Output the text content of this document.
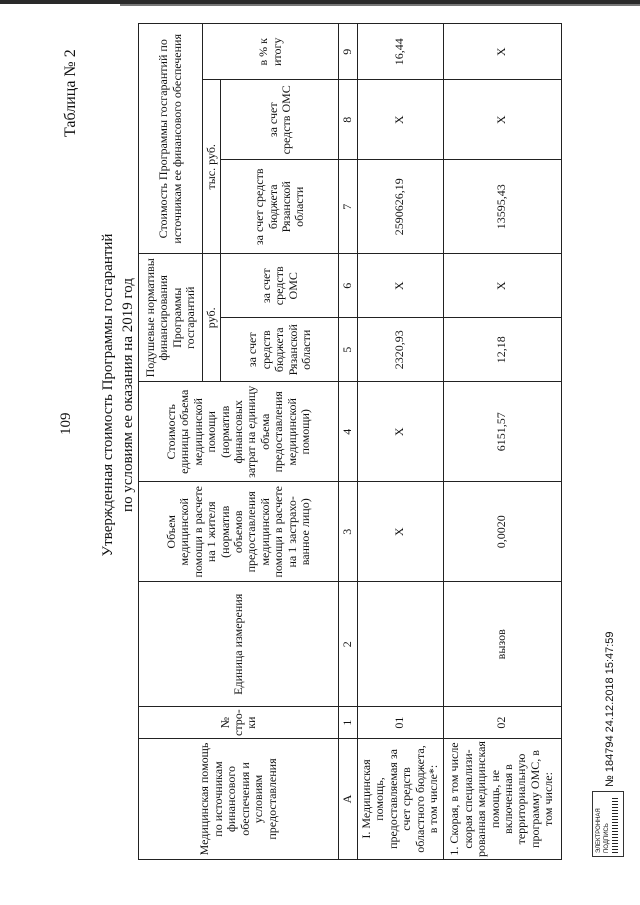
109
Таблица № 2
Утвержденная стоимость Программы госгарантий по условиям ее оказания на 2019 год
Медицинская помощь по источникам финансового обеспечения и условиям предоставления	№ стро-ки	Единица измерения	Объем медицинской помощи в расчете на 1 жителя (норматив объемов предоставления медицинской помощи в расчете на 1 застрахо-ванное лицо)	Стоимость единицы объема медицинской помощи (норматив финансовых затрат на единицу объема предоставления медицинской помощи)	Подушевые нормативы финансирования Программы госгарантий		Стоимость Программы госгарантий по источникам ее финансового обеспечения		
					руб.		тыс. руб.		в % к итогу
					за счет средств бюджета Рязанской области	за счет средств ОМС	за счет средств бюджета Рязанской области	за счет средств ОМС	
А	1	2	3	4	5	6	7	8	9
I. Медицинская помощь, предоставляемая за счет средств областного бюджета, в том числе*:	01		X	X	2320,93	X	2590626,19	X	16,44
1. Скорая, в том числе скорая специализи-рованная медицинская помощь, не включенная в территориальную программу ОМС, в том числе:	02	вызов	0,0020	6151,57	12,18	X	13595,43	X	X
ЭЛЕКТРОННАЯ ПОДПИСЬ
№ 184794 24.12.2018 15:47:59
